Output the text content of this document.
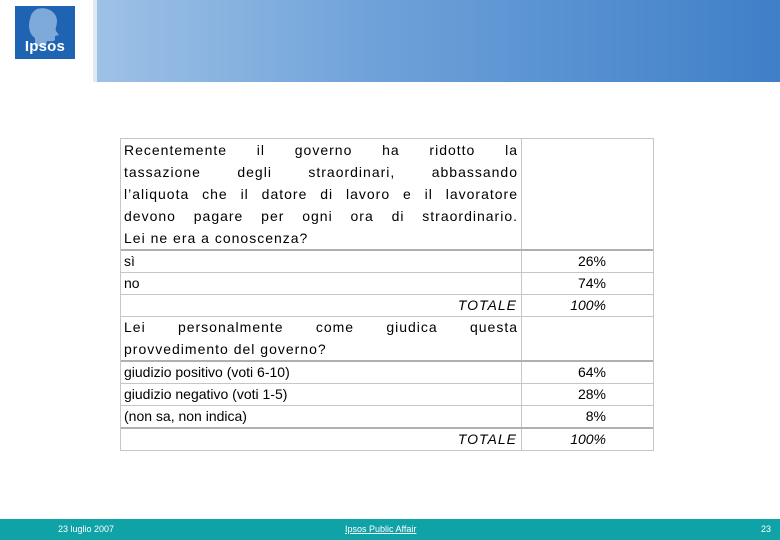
Ipsos
Recentemente il governo ha ridotto la
tassazione degli straordinari, abbassando
l’aliquota che il datore di lavoro e il lavoratore
devono pagare per ogni ora di straordinario.
Lei ne era a conoscenza?
sì	26%
no	74%
TOTALE	100%
Lei personalmente come giudica questa
provvedimento del governo?
giudizio positivo (voti 6-10)	64%
giudizio negativo (voti 1-5)	28%
(non sa, non indica)	8%
TOTALE	100%
23 luglio 2007	Ipsos Public Affair	23
